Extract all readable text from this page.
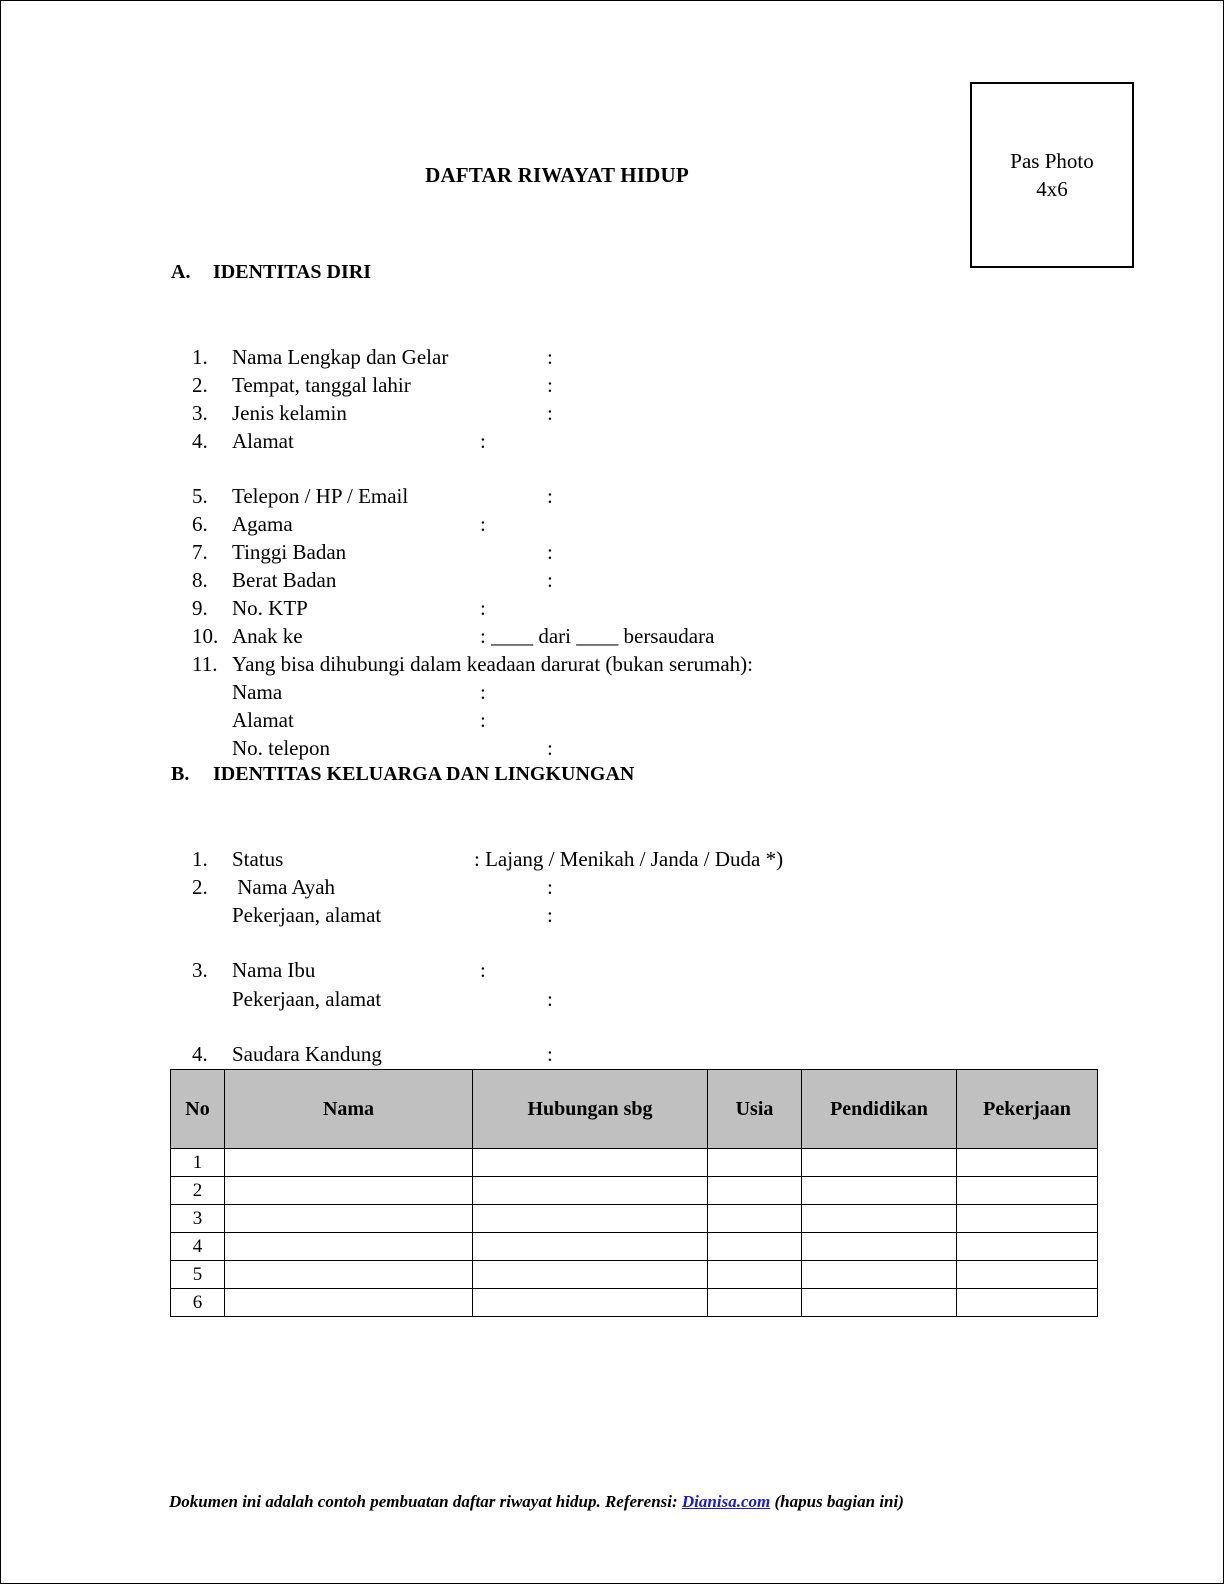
Pas Photo
4x6
DAFTAR RIWAYAT HIDUP
A. IDENTITAS DIRI

1. Nama Lengkap dan Gelar	:

2. Tempat, tanggal lahir	:

3. Jenis kelamin	:

4. Alamat	:

5. Telepon / HP / Email	:

6. Agama	:

7. Tinggi Badan	:

8. Berat Badan	:

9. No. KTP	:

10. Anak ke	: ____ dari ____ bersaudara

11. Yang bisa dihubungi dalam keadaan darurat (bukan serumah):

Nama	:

Alamat	:

No. telepon	:

B. IDENTITAS KELUARGA DAN LINGKUNGAN

1. Status	: Lajang / Menikah / Janda / Duda *)

2. Nama Ayah	:

Pekerjaan, alamat	:

3. Nama Ibu	:

Pekerjaan, alamat	:

4. Saudara Kandung	:

No	Nama	Hubungan sbg	Usia	Pendidikan	Pekerjaan
1					
2					
3					
4					
5					
6					
Dokumen ini adalah contoh pembuatan daftar riwayat hidup. Referensi: Dianisa.com (hapus bagian ini)
